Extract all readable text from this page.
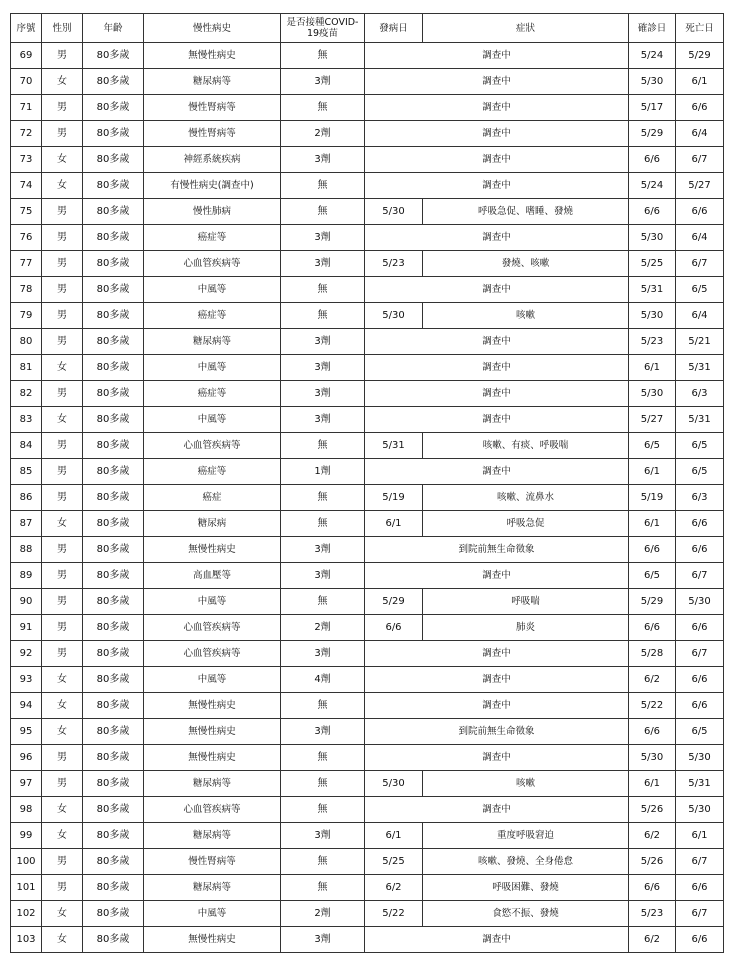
序號	性別	年齡	慢性病史	是否接種COVID-19疫苗	發病日	症狀	確診日	死亡日
69	男	80多歲	無慢性病史	無	調查中		5/24	5/29
70	女	80多歲	糖尿病等	3劑	調查中		5/30	6/1
71	男	80多歲	慢性腎病等	無	調查中		5/17	6/6
72	男	80多歲	慢性腎病等	2劑	調查中		5/29	6/4
73	女	80多歲	神經系統疾病	3劑	調查中		6/6	6/7
74	女	80多歲	有慢性病史(調查中)	無	調查中		5/24	5/27
75	男	80多歲	慢性肺病	無	5/30	呼吸急促、嗜睡、發燒	6/6	6/6
76	男	80多歲	癌症等	3劑	調查中		5/30	6/4
77	男	80多歲	心血管疾病等	3劑	5/23	發燒、咳嗽	5/25	6/7
78	男	80多歲	中風等	無	調查中		5/31	6/5
79	男	80多歲	癌症等	無	5/30	咳嗽	5/30	6/4
80	男	80多歲	糖尿病等	3劑	調查中		5/23	5/21
81	女	80多歲	中風等	3劑	調查中		6/1	5/31
82	男	80多歲	癌症等	3劑	調查中		5/30	6/3
83	女	80多歲	中風等	3劑	調查中		5/27	5/31
84	男	80多歲	心血管疾病等	無	5/31	咳嗽、有痰、呼吸喘	6/5	6/5
85	男	80多歲	癌症等	1劑	調查中		6/1	6/5
86	男	80多歲	癌症	無	5/19	咳嗽、流鼻水	5/19	6/3
87	女	80多歲	糖尿病	無	6/1	呼吸急促	6/1	6/6
88	男	80多歲	無慢性病史	3劑	到院前無生命徵象		6/6	6/6
89	男	80多歲	高血壓等	3劑	調查中		6/5	6/7
90	男	80多歲	中風等	無	5/29	呼吸喘	5/29	5/30
91	男	80多歲	心血管疾病等	2劑	6/6	肺炎	6/6	6/6
92	男	80多歲	心血管疾病等	3劑	調查中		5/28	6/7
93	女	80多歲	中風等	4劑	調查中		6/2	6/6
94	女	80多歲	無慢性病史	無	調查中		5/22	6/6
95	女	80多歲	無慢性病史	3劑	到院前無生命徵象		6/6	6/5
96	男	80多歲	無慢性病史	無	調查中		5/30	5/30
97	男	80多歲	糖尿病等	無	5/30	咳嗽	6/1	5/31
98	女	80多歲	心血管疾病等	無	調查中		5/26	5/30
99	女	80多歲	糖尿病等	3劑	6/1	重度呼吸窘迫	6/2	6/1
100	男	80多歲	慢性腎病等	無	5/25	咳嗽、發燒、全身倦怠	5/26	6/7
101	男	80多歲	糖尿病等	無	6/2	呼吸困難、發燒	6/6	6/6
102	女	80多歲	中風等	2劑	5/22	食慾不振、發燒	5/23	6/7
103	女	80多歲	無慢性病史	3劑	調查中		6/2	6/6
